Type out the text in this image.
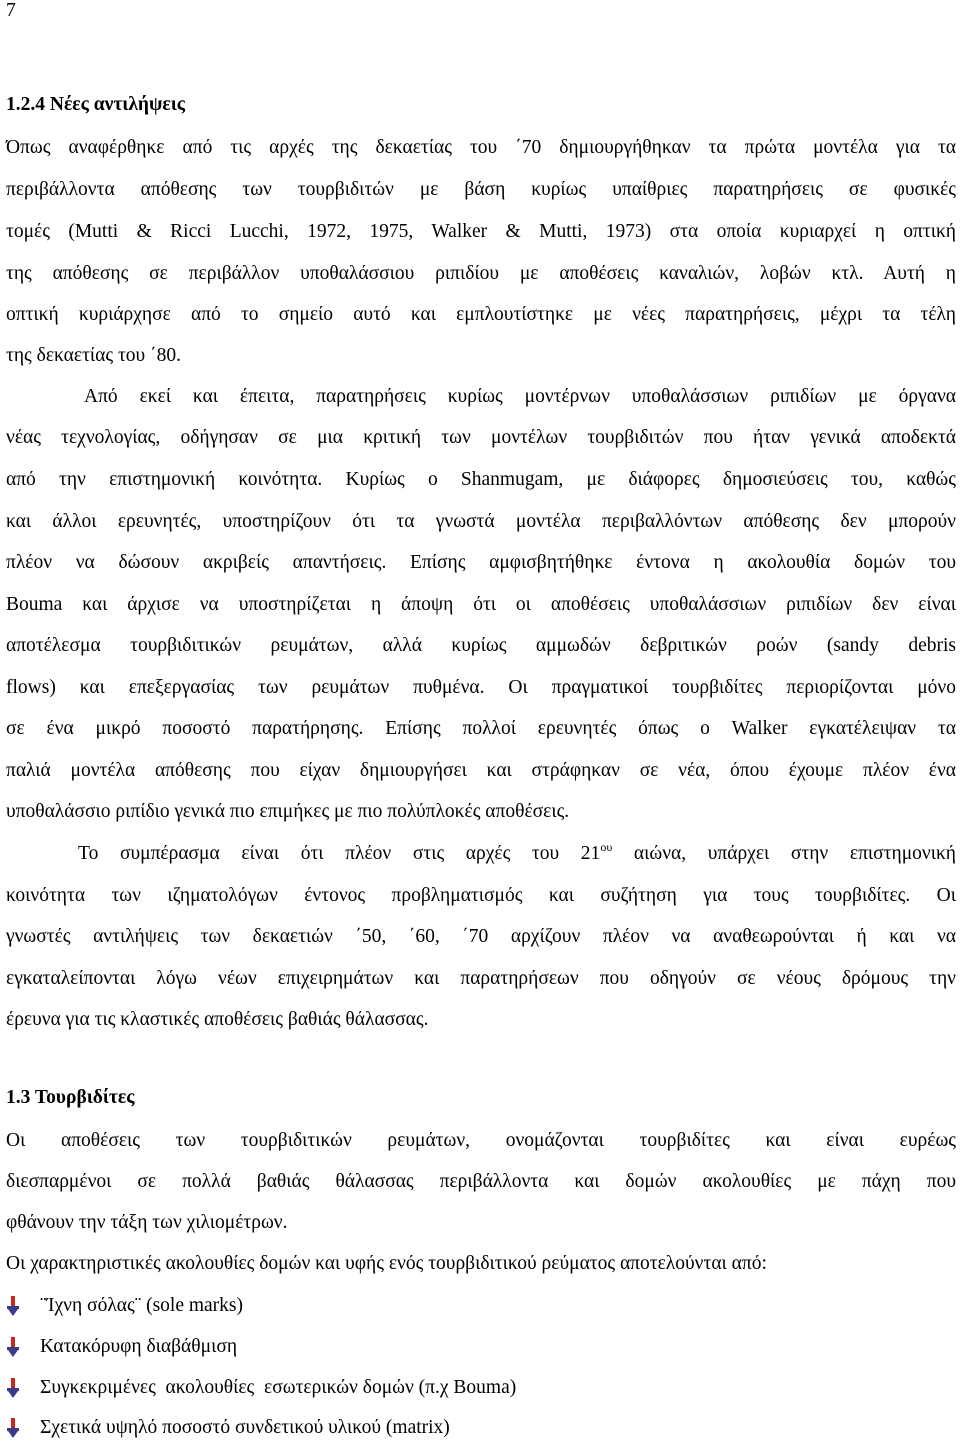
7
1.2.4 Νέες αντιλήψεις
Όπως αναφέρθηκε από τις αρχές της δεκαετίας του ΄70 δημιουργήθηκαν τα πρώτα μοντέλα για τα
περιβάλλοντα απόθεσης των τουρβιδιτών με βάση κυρίως υπαίθριες παρατηρήσεις σε φυσικές
τομές (Mutti & Ricci Lucchi, 1972, 1975, Walker & Mutti, 1973) στα οποία κυριαρχεί η οπτική
της απόθεσης σε περιβάλλον υποθαλάσσιου ριπιδίου με αποθέσεις καναλιών, λοβών κτλ. Αυτή η
οπτική κυριάρχησε από το σημείο αυτό και εμπλουτίστηκε με νέες παρατηρήσεις, μέχρι τα τέλη
της δεκαετίας του ΄80.
Από εκεί και έπειτα, παρατηρήσεις κυρίως μοντέρνων υποθαλάσσιων ριπιδίων με όργανα
νέας τεχνολογίας, οδήγησαν σε μια κριτική των μοντέλων τουρβιδιτών που ήταν γενικά αποδεκτά
από την επιστημονική κοινότητα. Κυρίως ο Shanmugam, με διάφορες δημοσιεύσεις του, καθώς
και άλλοι ερευνητές, υποστηρίζουν ότι τα γνωστά μοντέλα περιβαλλόντων απόθεσης δεν μπορούν
πλέον να δώσουν ακριβείς απαντήσεις. Επίσης αμφισβητήθηκε έντονα η ακολουθία δομών του
Bouma και άρχισε να υποστηρίζεται η άποψη ότι οι αποθέσεις υποθαλάσσιων ριπιδίων δεν είναι
αποτέλεσμα τουρβιδιτικών ρευμάτων, αλλά κυρίως αμμωδών δεβριτικών ροών (sandy debris
flows) και επεξεργασίας των ρευμάτων πυθμένα. Οι πραγματικοί τουρβιδίτες περιορίζονται μόνο
σε ένα μικρό ποσοστό παρατήρησης. Επίσης πολλοί ερευνητές όπως ο Walker εγκατέλειψαν τα
παλιά μοντέλα απόθεσης που είχαν δημιουργήσει και στράφηκαν σε νέα, όπου έχουμε πλέον ένα
υποθαλάσσιο ριπίδιο γενικά πιο επιμήκες με πιο πολύπλοκές αποθέσεις.
Το συμπέρασμα είναι ότι πλέον στις αρχές του $21^{o\upsilon}$ αιώνα, υπάρχει στην επιστημονική
κοινότητα των ιζηματολόγων έντονος προβληματισμός και συζήτηση για τους τουρβιδίτες. Οι
γνωστές αντιλήψεις των δεκαετιών ΄50, ΄60, ΄70 αρχίζουν πλέον να αναθεωρούνται ή και να
εγκαταλείπονται λόγω νέων επιχειρημάτων και παρατηρήσεων που οδηγούν σε νέους δρόμους την
έρευνα για τις κλαστικές αποθέσεις βαθιάς θάλασσας.
1.3 Τουρβιδίτες
Οι αποθέσεις των τουρβιδιτικών ρευμάτων, ονομάζονται τουρβιδίτες και είναι ευρέως
διεσπαρμένοι σε πολλά βαθιάς θάλασσας περιβάλλοντα και δομών ακολουθίες με πάχη που
φθάνουν την τάξη των χιλιομέτρων.
Οι χαρακτηριστικές ακολουθίες δομών και υφής ενός τουρβιδιτικού ρεύματος αποτελούνται από:
¨Ίχνη σόλας¨ (sole marks)
Κατακόρυφη διαβάθμιση
Συγκεκριμένες  ακολουθίες  εσωτερικών δομών (π.χ Bouma)
Σχετικά υψηλό ποσοστό συνδετικού υλικού (matrix)
